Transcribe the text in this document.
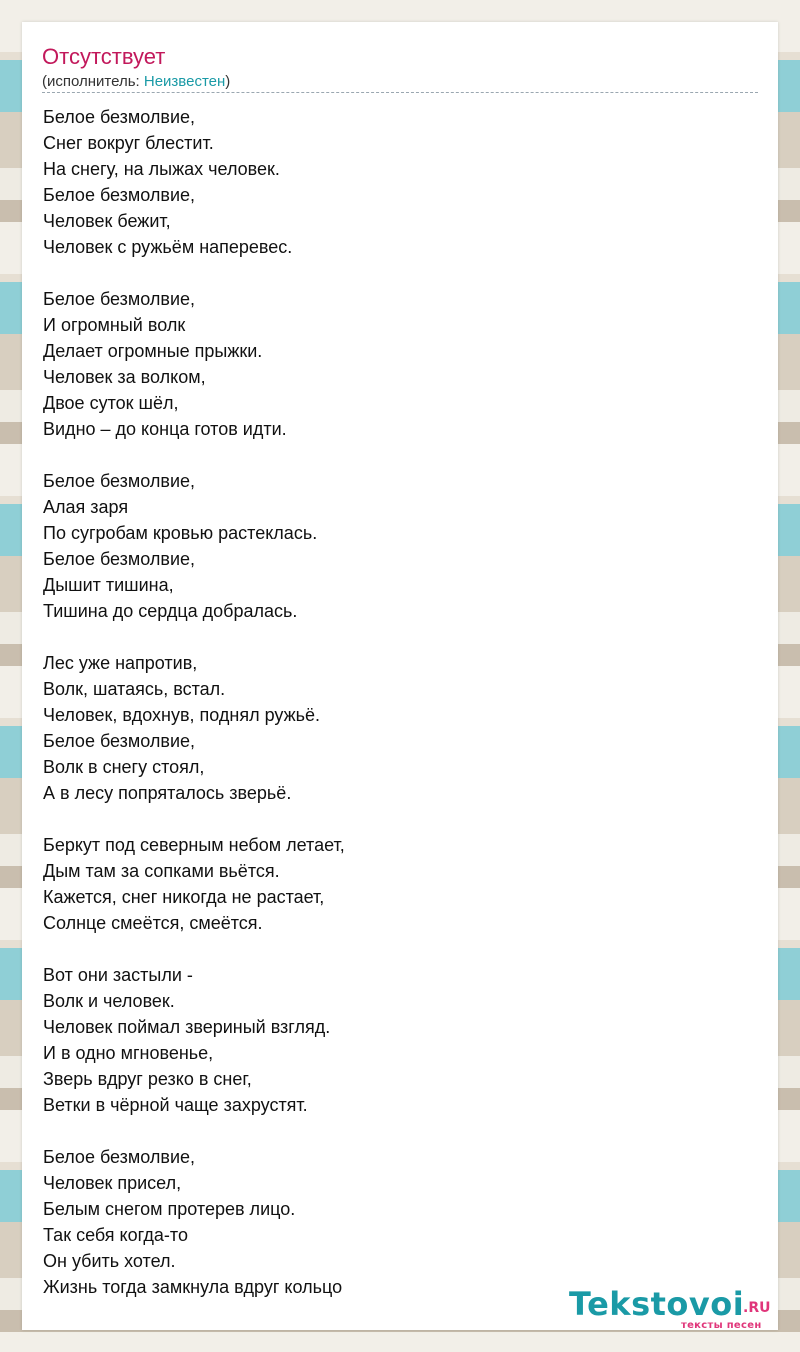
Отсутствует
(исполнитель: Неизвестен)
Белое безмолвие,
Снег вокруг блестит.
На снегу, на лыжах человек.
Белое безмолвие,
Человек бежит,
Человек с ружьём наперевес.
Белое безмолвие,
И огромный волк
Делает огромные прыжки.
Человек за волком,
Двое суток шёл,
Видно – до конца готов идти.
Белое безмолвие,
Алая заря
По сугробам кровью растеклась.
Белое безмолвие,
Дышит тишина,
Тишина до сердца добралась.
Лес уже напротив,
Волк, шатаясь, встал.
Человек, вдохнув, поднял ружьё.
Белое безмолвие,
Волк в снегу стоял,
А в лесу попряталось зверьё.
Беркут под северным небом летает,
Дым там за сопками вьётся.
Кажется, снег никогда не растает,
Солнце смеётся, смеётся.
Вот они застыли -
Волк и человек.
Человек поймал звериный взгляд.
И в одно мгновенье,
Зверь вдруг резко в снег,
Ветки в чёрной чаще захрустят.
Белое безмолвие,
Человек присел,
Белым снегом протерев лицо.
Так себя когда-то
Он убить хотел.
Жизнь тогда замкнула вдруг кольцо	Tekstovoi
.RU
тексты песен
